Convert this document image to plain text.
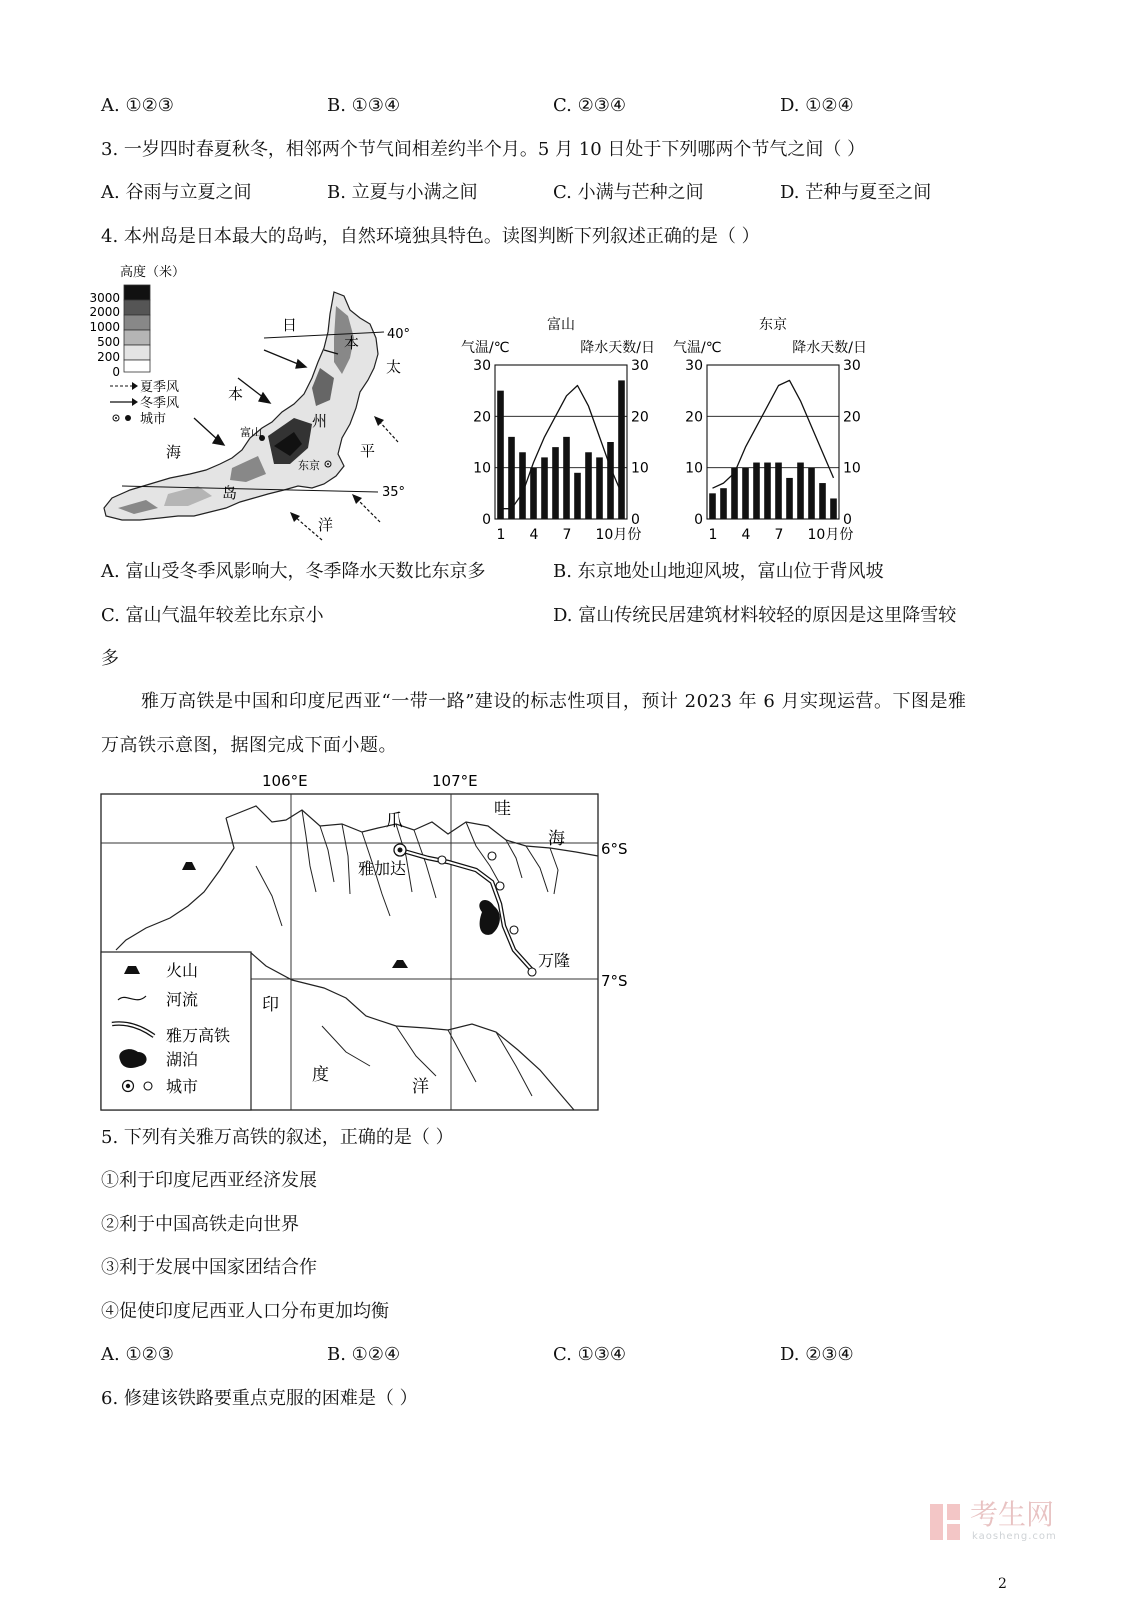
A. ①②③	B. ①③④	C. ②③④	D. ①②④
3. 一岁四时春夏秋冬，相邻两个节气间相差约半个月。5 月 10 日处于下列哪两个节气之间（ ）
A. 谷雨与立夏之间	B. 立夏与小满之间	C. 小满与芒种之间	D. 芒种与夏至之间
4. 本州岛是日本最大的岛屿，自然环境独具特色。读图判断下列叙述正确的是（ ）
高度（米）
3000
2000
1000
500
200
0
夏季风
冬季风
城市
40°
35°
富山
东京
日
本
海
本
州
岛
太
平
洋
富山
气温/℃	降水天数/日
0	0
10	10
20	20
30	30
1 4 7 10月份
东京
气温/℃	降水天数/日
0	0
10	10
20	20
30	30
1 4 7 10月份
A. 富山受冬季风影响大，冬季降水天数比东京多	B. 东京地处山地迎风坡，富山位于背风坡
C. 富山气温年较差比东京小	D. 富山传统民居建筑材料较轻的原因是这里降雪较
多
雅万高铁是中国和印度尼西亚“一带一路”建设的标志性项目，预计 2023 年 6 月实现运营。下图是雅
万高铁示意图，据图完成下面小题。
106°E	107°E
6°S
7°S
爪
哇
海
雅加达
万隆
印
度
洋
火山
河流
雅万高铁
湖泊
城市
5. 下列有关雅万高铁的叙述，正确的是（ ）
①利于印度尼西亚经济发展
②利于中国高铁走向世界
③利于发展中国家团结合作
④促使印度尼西亚人口分布更加均衡
A. ①②③	B. ①②④	C. ①③④	D. ②③④
6. 修建该铁路要重点克服的困难是（ ）
考生网
kaosheng.com
2
